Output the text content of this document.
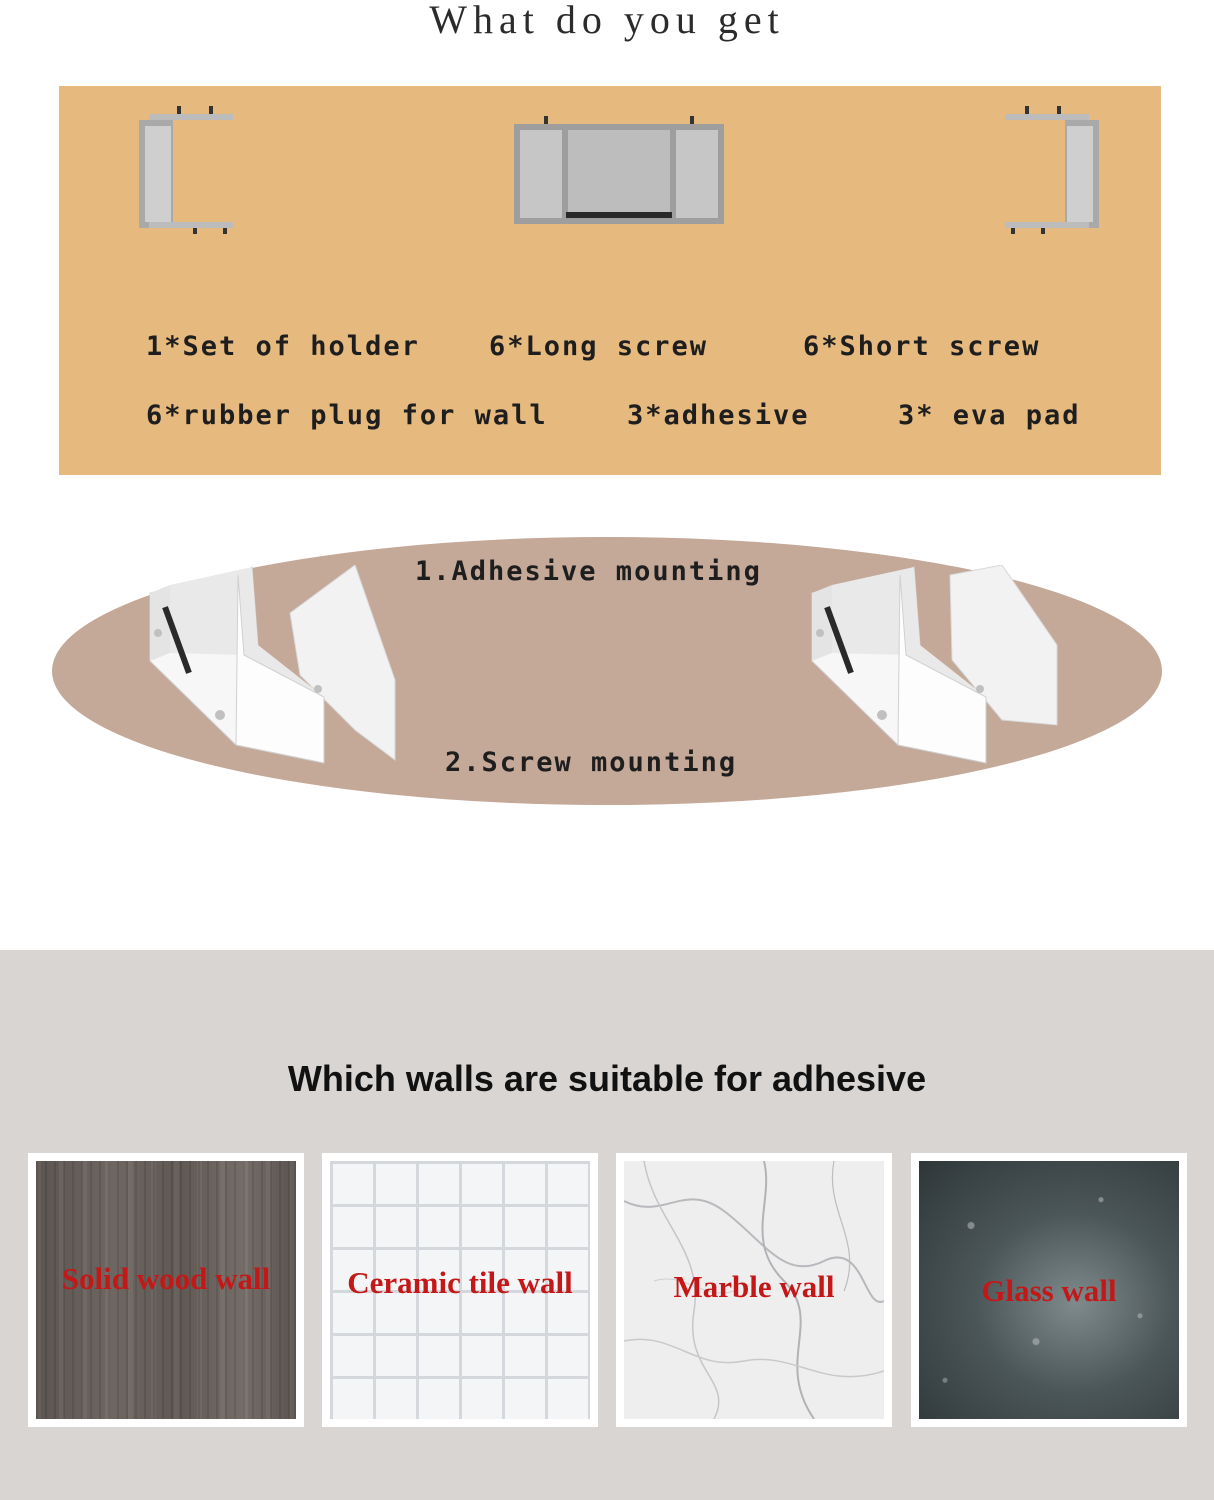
What do you get
1*Set of holder	6*Long screw	6*Short screw
6*rubber plug for wall	3*adhesive	3* eva pad
1.Adhesive mounting
2.Screw mounting
Which walls are suitable for adhesive
Solid wood wall	Ceramic tile wall	Marble wall	Glass wall
